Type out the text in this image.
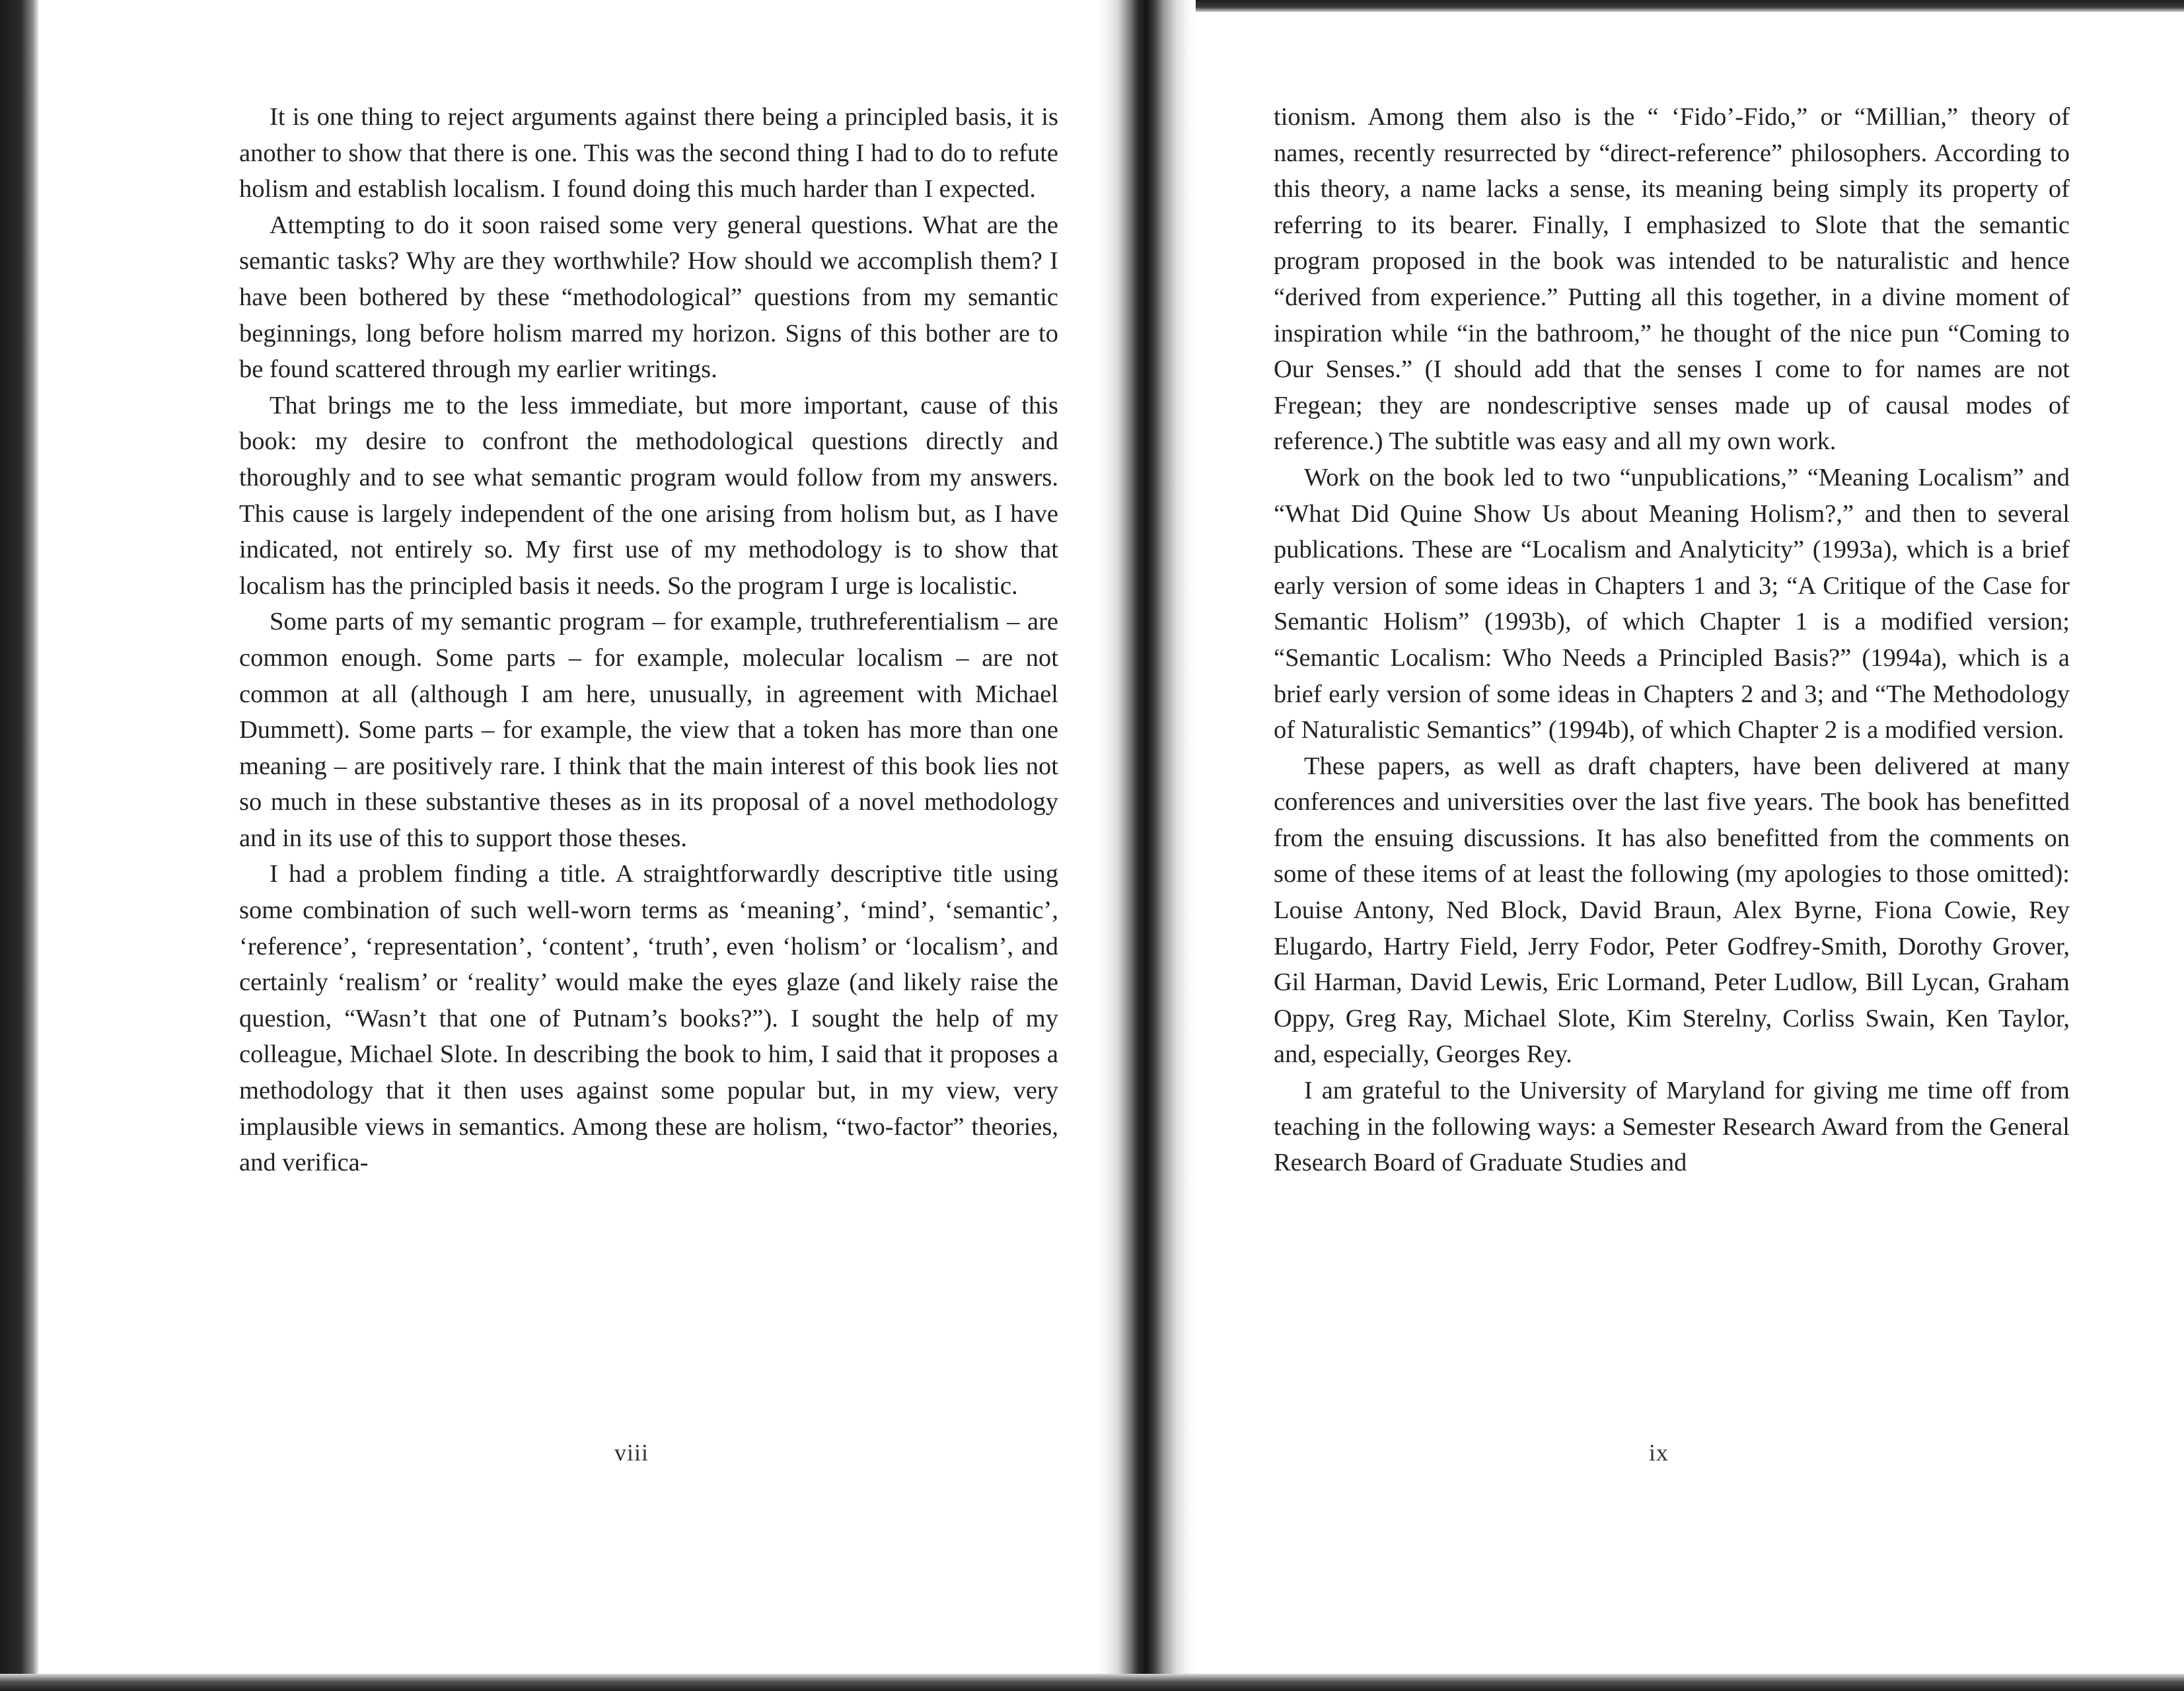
It is one thing to reject arguments against there being a principled basis, it is another to show that there is one. This was the second thing I had to do to refute holism and establish localism. I found doing this much harder than I expected.

Attempting to do it soon raised some very general questions. What are the semantic tasks? Why are they worthwhile? How should we accomplish them? I have been bothered by these “methodological” questions from my semantic beginnings, long before holism marred my horizon. Signs of this bother are to be found scattered through my earlier writings.

That brings me to the less immediate, but more important, cause of this book: my desire to confront the methodological questions directly and thoroughly and to see what semantic program would follow from my answers. This cause is largely independent of the one arising from holism but, as I have indicated, not entirely so. My first use of my methodology is to show that localism has the principled basis it needs. So the program I urge is localistic.

Some parts of my semantic program – for example, truthreferentialism – are common enough. Some parts – for example, molecular localism – are not common at all (although I am here, unusually, in agreement with Michael Dummett). Some parts – for example, the view that a token has more than one meaning – are positively rare. I think that the main interest of this book lies not so much in these substantive theses as in its proposal of a novel methodology and in its use of this to support those theses.

I had a problem finding a title. A straightforwardly descriptive title using some combination of such well-worn terms as ‘meaning’, ‘mind’, ‘semantic’, ‘reference’, ‘representation’, ‘content’, ‘truth’, even ‘holism’ or ‘localism’, and certainly ‘realism’ or ‘reality’ would make the eyes glaze (and likely raise the question, “Wasn’t that one of Putnam’s books?”). I sought the help of my colleague, Michael Slote. In describing the book to him, I said that it proposes a methodology that it then uses against some popular but, in my view, very implausible views in semantics. Among these are holism, “two-factor” theories, and verifica-

viii

tionism. Among them also is the “ ‘Fido’-Fido,” or “Millian,” theory of names, recently resurrected by “direct-reference” philosophers. According to this theory, a name lacks a sense, its meaning being simply its property of referring to its bearer. Finally, I emphasized to Slote that the semantic program proposed in the book was intended to be naturalistic and hence “derived from experience.” Putting all this together, in a divine moment of inspiration while “in the bathroom,” he thought of the nice pun “Coming to Our Senses.” (I should add that the senses I come to for names are not Fregean; they are nondescriptive senses made up of causal modes of reference.) The subtitle was easy and all my own work.

Work on the book led to two “unpublications,” “Meaning Localism” and “What Did Quine Show Us about Meaning Holism?,” and then to several publications. These are “Localism and Analyticity” (1993a), which is a brief early version of some ideas in Chapters 1 and 3; “A Critique of the Case for Semantic Holism” (1993b), of which Chapter 1 is a modified version; “Semantic Localism: Who Needs a Principled Basis?” (1994a), which is a brief early version of some ideas in Chapters 2 and 3; and “The Methodology of Naturalistic Semantics” (1994b), of which Chapter 2 is a modified version.

These papers, as well as draft chapters, have been delivered at many conferences and universities over the last five years. The book has benefitted from the ensuing discussions. It has also benefitted from the comments on some of these items of at least the following (my apologies to those omitted): Louise Antony, Ned Block, David Braun, Alex Byrne, Fiona Cowie, Rey Elugardo, Hartry Field, Jerry Fodor, Peter Godfrey-Smith, Dorothy Grover, Gil Harman, David Lewis, Eric Lormand, Peter Ludlow, Bill Lycan, Graham Oppy, Greg Ray, Michael Slote, Kim Sterelny, Corliss Swain, Ken Taylor, and, especially, Georges Rey.

I am grateful to the University of Maryland for giving me time off from teaching in the following ways: a Semester Research Award from the General Research Board of Graduate Studies and

ix
